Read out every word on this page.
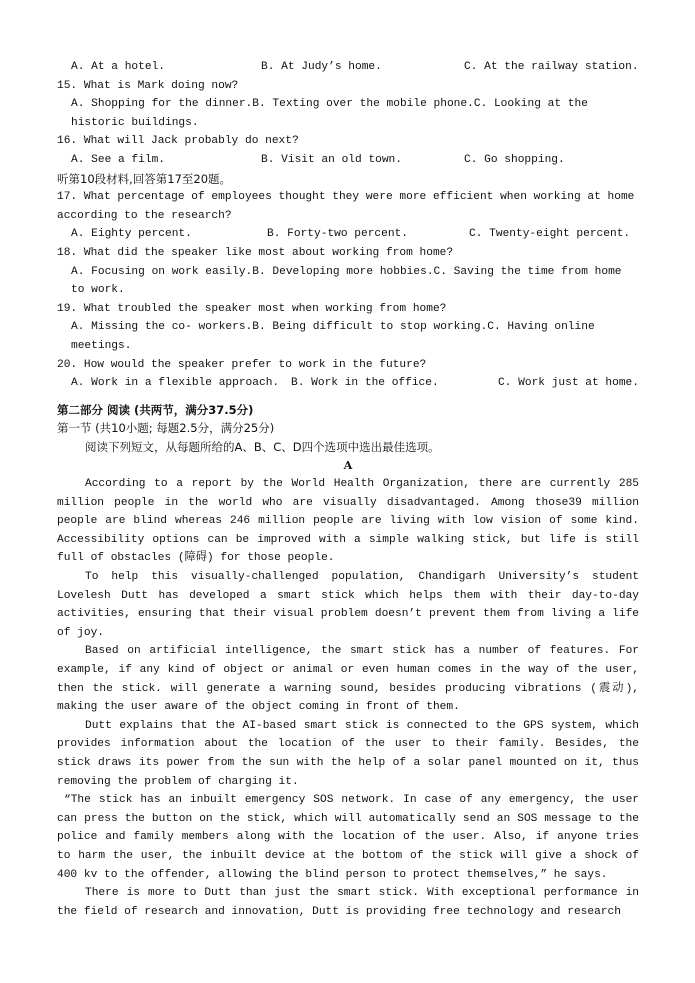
A. At a hotel.	B. At Judy’s home.	C. At the railway station.
15. What is Mark doing now?
A. Shopping for the dinner.B. Texting over the mobile phone.C. Looking at the historic buildings.
16. What will Jack probably do next?
A. See a film.	B. Visit an old town.	C. Go shopping.
听第10段材料,回答第17至20题。
17. What percentage of employees thought they were more efficient when working at home according to the research?
A. Eighty percent.	B. Forty-two percent.	C. Twenty-eight percent.
18. What did the speaker like most about working from home?
A. Focusing on work easily.B. Developing more hobbies.C. Saving the time from home to work.
19. What troubled the speaker most when working from home?
A. Missing the co- workers.B. Being difficult to stop working.C. Having online meetings.
20. How would the speaker prefer to work in the future?
A. Work in a flexible approach.	B. Work in the office.	C. Work just at home.
第二部分 阅读 (共两节，满分37.5分)
第一节 (共10小题; 每题2.5分，满分25分)
阅读下列短文，从每题所给的A、B、C、D四个选项中选出最佳选项。
A

According to a report by the World Health Organization, there are currently 285 million people in the world who are visually disadvantaged. Among those39 million people are blind whereas 246 million people are living with low vision of some kind. Accessibility options can be improved with a simple walking stick, but life is still full of obstacles (障碍) for those people.

To help this visually-challenged population, Chandigarh University’s student Lovelesh Dutt has developed a smart stick which helps them with their day-to-day activities, ensuring that their visual problem doesn’t prevent them from living a life of joy.

Based on artificial intelligence, the smart stick has a number of features. For example, if any kind of object or animal or even human comes in the way of the user, then the stick. will generate a warning sound, besides producing vibrations (震动), making the user aware of the object coming in front of them.

Dutt explains that the AI-based smart stick is connected to the GPS system, which provides information about the location of the user to their family. Besides, the stick draws its power from the sun with the help of a solar panel mounted on it, thus removing the problem of charging it.

“The stick has an inbuilt emergency SOS network. In case of any emergency, the user can press the button on the stick, which will automatically send an SOS message to the police and family members along with the location of the user. Also, if anyone tries to harm the user, the inbuilt device at the bottom of the stick will give a shock of 400 kv to the offender, allowing the blind person to protect themselves,” he says.

There is more to Dutt than just the smart stick. With exceptional performance in the field of research and innovation, Dutt is providing free technology and research
